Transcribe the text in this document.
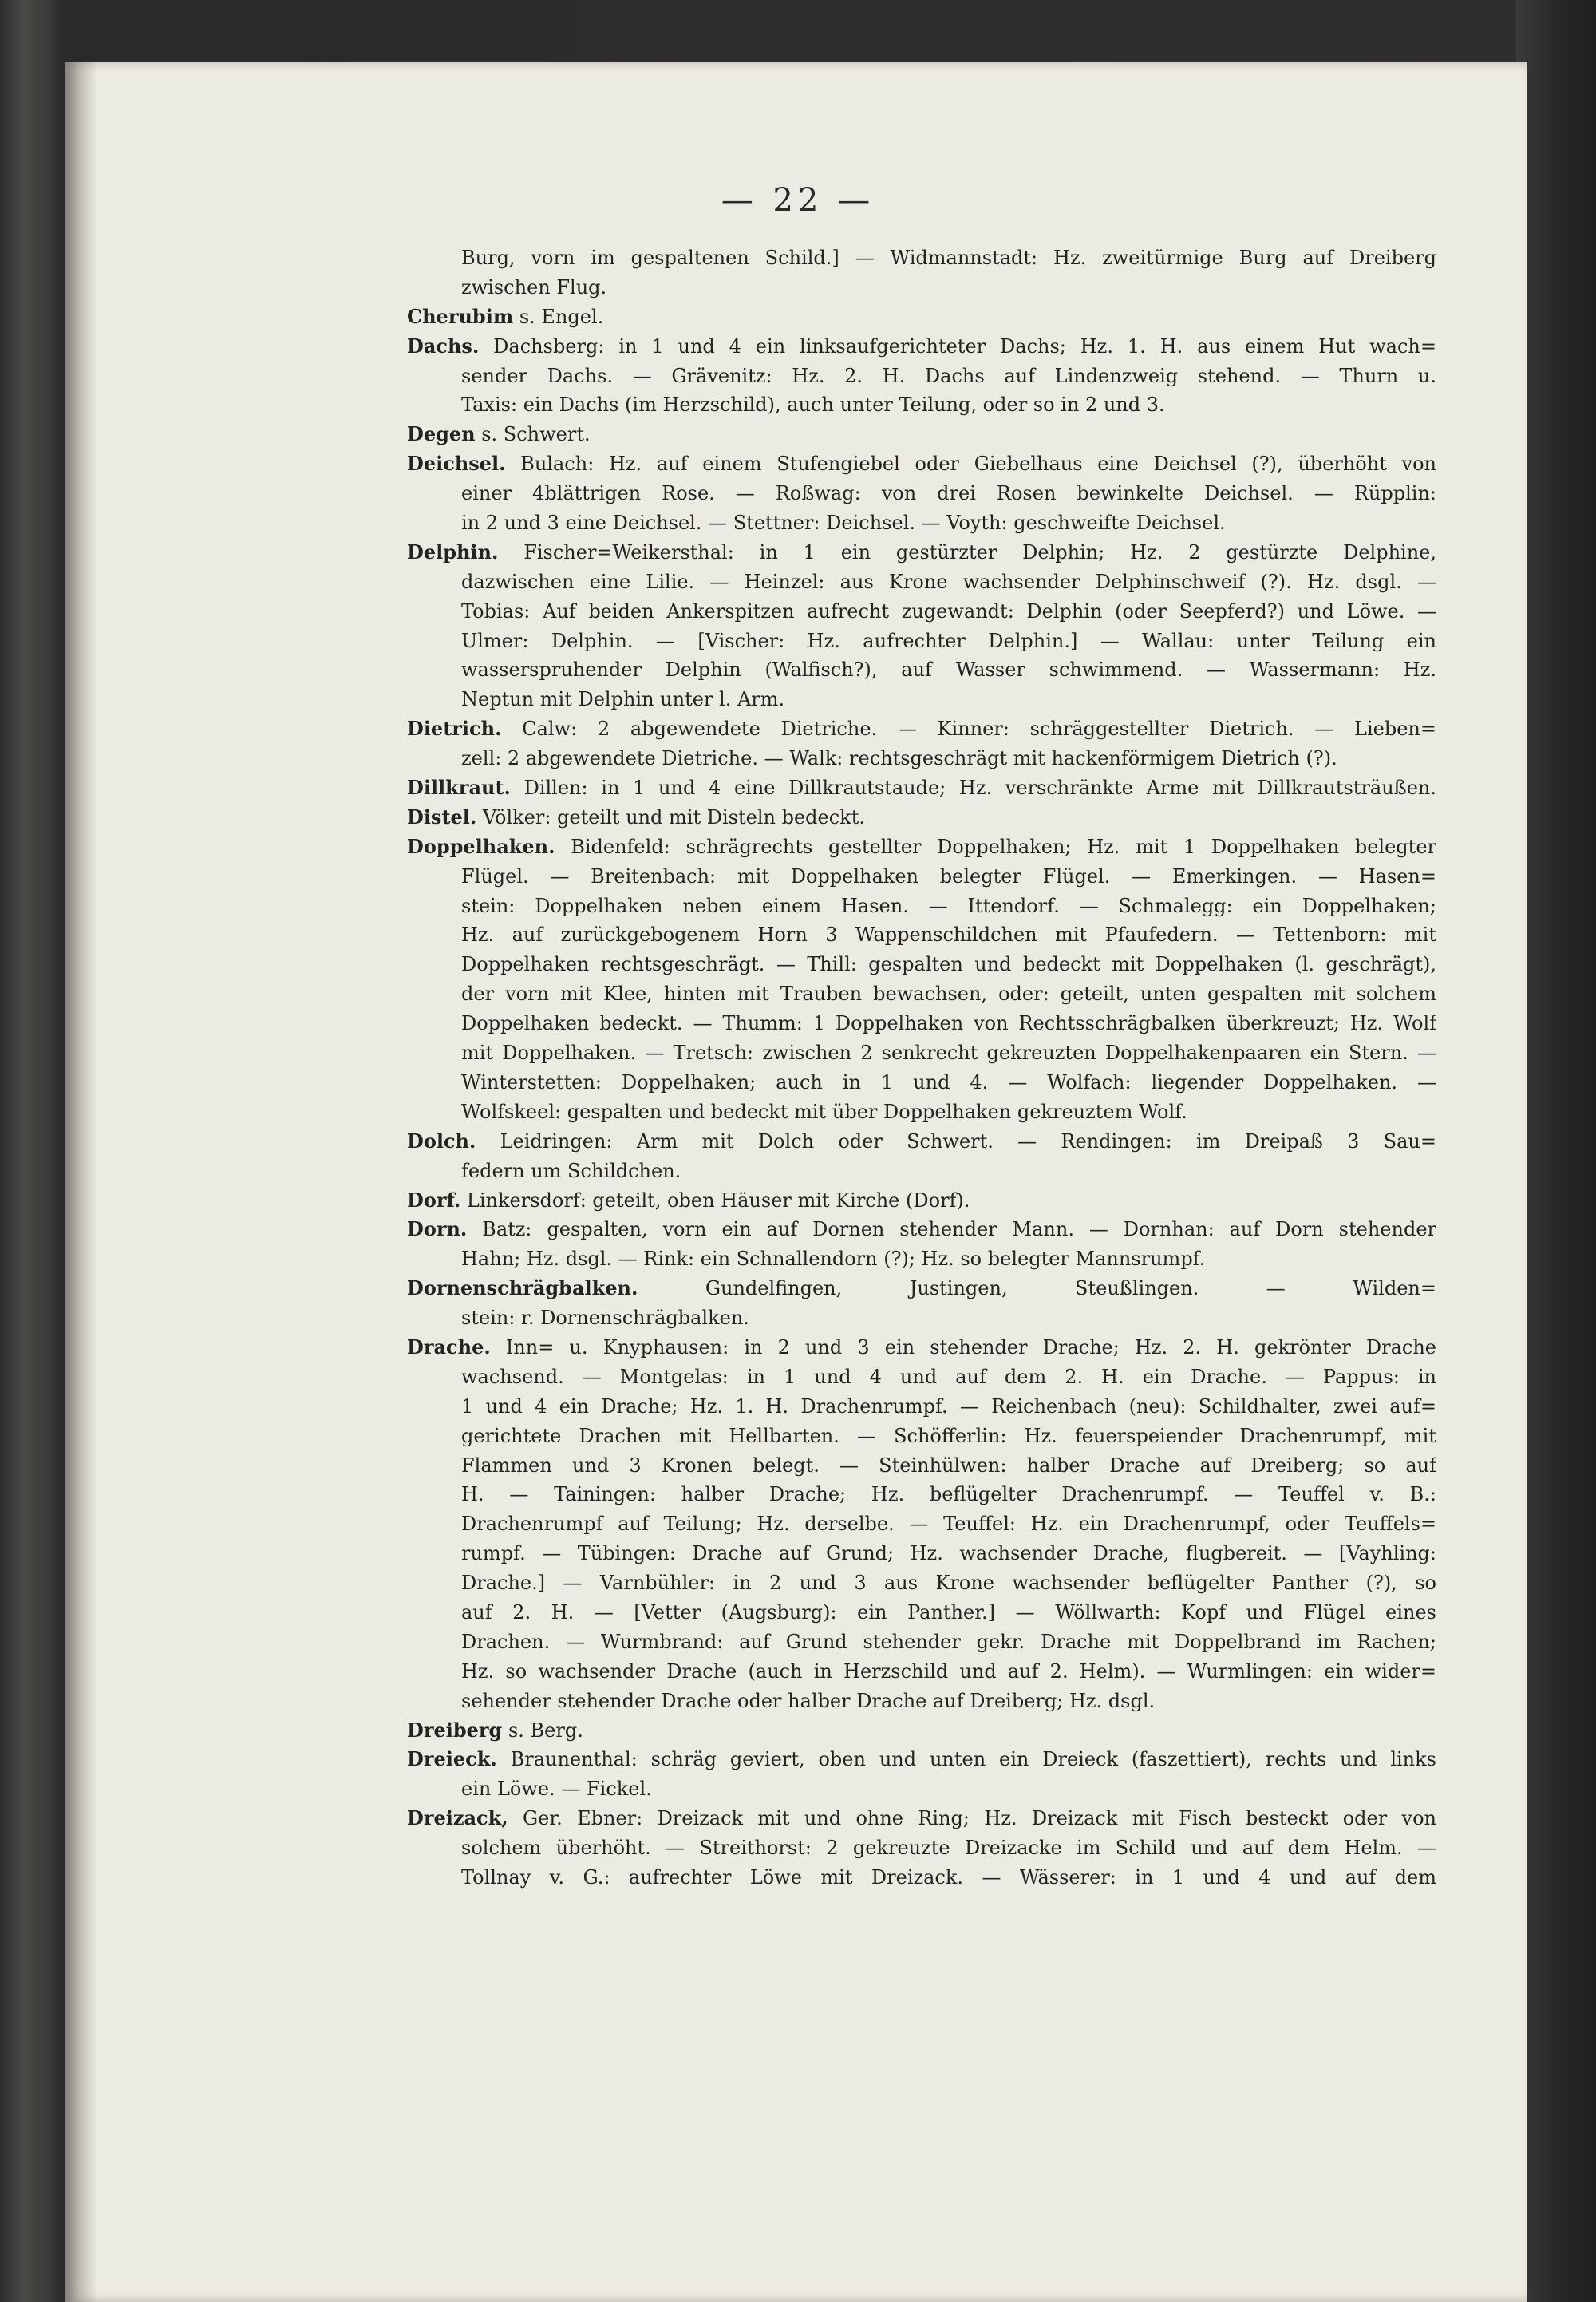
— 22 —
Burg, vorn im gespaltenen Schild.] — Widmannstadt: Hz. zweitürmige Burg auf Dreiberg
zwischen Flug.
Cherubim s. Engel.
Dachs. Dachsberg: in 1 und 4 ein linksaufgerichteter Dachs; Hz. 1. H. aus einem Hut wach=
sender Dachs. — Grävenitz: Hz. 2. H. Dachs auf Lindenzweig stehend. — Thurn u.
Taxis: ein Dachs (im Herzschild), auch unter Teilung, oder so in 2 und 3.
Degen s. Schwert.
Deichsel. Bulach: Hz. auf einem Stufengiebel oder Giebelhaus eine Deichsel (?), überhöht von
einer 4blättrigen Rose. — Roßwag: von drei Rosen bewinkelte Deichsel. — Rüpplin:
in 2 und 3 eine Deichsel. — Stettner: Deichsel. — Voyth: geschweifte Deichsel.
Delphin. Fischer=Weikersthal: in 1 ein gestürzter Delphin; Hz. 2 gestürzte Delphine,
dazwischen eine Lilie. — Heinzel: aus Krone wachsender Delphinschweif (?). Hz. dsgl. —
Tobias: Auf beiden Ankerspitzen aufrecht zugewandt: Delphin (oder Seepferd?) und Löwe. —
Ulmer: Delphin. — [Vischer: Hz. aufrechter Delphin.] — Wallau: unter Teilung ein
wasserspruhender Delphin (Walfisch?), auf Wasser schwimmend. — Wassermann: Hz.
Neptun mit Delphin unter l. Arm.
Dietrich. Calw: 2 abgewendete Dietriche. — Kinner: schräggestellter Dietrich. — Lieben=
zell: 2 abgewendete Dietriche. — Walk: rechtsgeschrägt mit hackenförmigem Dietrich (?).
Dillkraut. Dillen: in 1 und 4 eine Dillkrautstaude; Hz. verschränkte Arme mit Dillkrautsträußen.
Distel. Völker: geteilt und mit Disteln bedeckt.
Doppelhaken. Bidenfeld: schrägrechts gestellter Doppelhaken; Hz. mit 1 Doppelhaken belegter
Flügel. — Breitenbach: mit Doppelhaken belegter Flügel. — Emerkingen. — Hasen=
stein: Doppelhaken neben einem Hasen. — Ittendorf. — Schmalegg: ein Doppelhaken;
Hz. auf zurückgebogenem Horn 3 Wappenschildchen mit Pfaufedern. — Tettenborn: mit
Doppelhaken rechtsgeschrägt. — Thill: gespalten und bedeckt mit Doppelhaken (l. geschrägt),
der vorn mit Klee, hinten mit Trauben bewachsen, oder: geteilt, unten gespalten mit solchem
Doppelhaken bedeckt. — Thumm: 1 Doppelhaken von Rechtsschrägbalken überkreuzt; Hz. Wolf
mit Doppelhaken. — Tretsch: zwischen 2 senkrecht gekreuzten Doppelhakenpaaren ein Stern. —
Winterstetten: Doppelhaken; auch in 1 und 4. — Wolfach: liegender Doppelhaken. —
Wolfskeel: gespalten und bedeckt mit über Doppelhaken gekreuztem Wolf.
Dolch. Leidringen: Arm mit Dolch oder Schwert. — Rendingen: im Dreipaß 3 Sau=
federn um Schildchen.
Dorf. Linkersdorf: geteilt, oben Häuser mit Kirche (Dorf).
Dorn. Batz: gespalten, vorn ein auf Dornen stehender Mann. — Dornhan: auf Dorn stehender
Hahn; Hz. dsgl. — Rink: ein Schnallendorn (?); Hz. so belegter Mannsrumpf.
Dornenschrägbalken. Gundelfingen, Justingen, Steußlingen. — Wilden=
stein: r. Dornenschrägbalken.
Drache. Inn= u. Knyphausen: in 2 und 3 ein stehender Drache; Hz. 2. H. gekrönter Drache
wachsend. — Montgelas: in 1 und 4 und auf dem 2. H. ein Drache. — Pappus: in
1 und 4 ein Drache; Hz. 1. H. Drachenrumpf. — Reichenbach (neu): Schildhalter, zwei auf=
gerichtete Drachen mit Hellbarten. — Schöfferlin: Hz. feuerspeiender Drachenrumpf, mit
Flammen und 3 Kronen belegt. — Steinhülwen: halber Drache auf Dreiberg; so auf
H. — Tainingen: halber Drache; Hz. beflügelter Drachenrumpf. — Teuffel v. B.:
Drachenrumpf auf Teilung; Hz. derselbe. — Teuffel: Hz. ein Drachenrumpf, oder Teuffels=
rumpf. — Tübingen: Drache auf Grund; Hz. wachsender Drache, flugbereit. — [Vayhling:
Drache.] — Varnbühler: in 2 und 3 aus Krone wachsender beflügelter Panther (?), so
auf 2. H. — [Vetter (Augsburg): ein Panther.] — Wöllwarth: Kopf und Flügel eines
Drachen. — Wurmbrand: auf Grund stehender gekr. Drache mit Doppelbrand im Rachen;
Hz. so wachsender Drache (auch in Herzschild und auf 2. Helm). — Wurmlingen: ein wider=
sehender stehender Drache oder halber Drache auf Dreiberg; Hz. dsgl.
Dreiberg s. Berg.
Dreieck. Braunenthal: schräg geviert, oben und unten ein Dreieck (faszettiert), rechts und links
ein Löwe. — Fickel.
Dreizack, Ger. Ebner: Dreizack mit und ohne Ring; Hz. Dreizack mit Fisch besteckt oder von
solchem überhöht. — Streithorst: 2 gekreuzte Dreizacke im Schild und auf dem Helm. —
Tollnay v. G.: aufrechter Löwe mit Dreizack. — Wässerer: in 1 und 4 und auf dem
